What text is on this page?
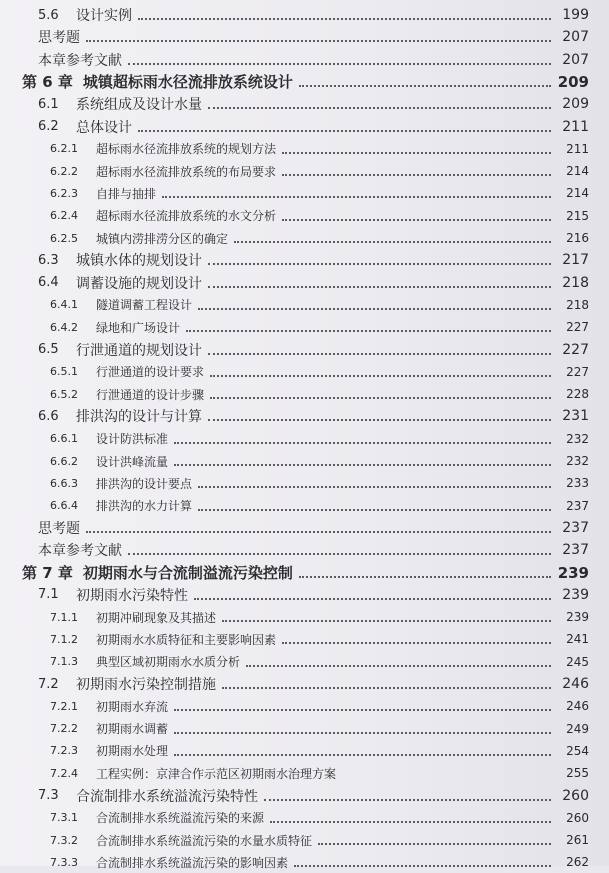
5.6	设计实例	199
思考题	207
本章参考文献	207
第 6 章 城镇超标雨水径流排放系统设计	209
6.1	系统组成及设计水量	209
6.2	总体设计	211
6.2.1	超标雨水径流排放系统的规划方法	211
6.2.2	超标雨水径流排放系统的布局要求	214
6.2.3	自排与抽排	214
6.2.4	超标雨水径流排放系统的水文分析	215
6.2.5	城镇内涝排涝分区的确定	216
6.3	城镇水体的规划设计	217
6.4	调蓄设施的规划设计	218
6.4.1	隧道调蓄工程设计	218
6.4.2	绿地和广场设计	227
6.5	行泄通道的规划设计	227
6.5.1	行泄通道的设计要求	227
6.5.2	行泄通道的设计步骤	228
6.6	排洪沟的设计与计算	231
6.6.1	设计防洪标准	232
6.6.2	设计洪峰流量	232
6.6.3	排洪沟的设计要点	233
6.6.4	排洪沟的水力计算	237
思考题	237
本章参考文献	237
第 7 章 初期雨水与合流制溢流污染控制	239
7.1	初期雨水污染特性	239
7.1.1	初期冲刷现象及其描述	239
7.1.2	初期雨水水质特征和主要影响因素	241
7.1.3	典型区域初期雨水水质分析	245
7.2	初期雨水污染控制措施	246
7.2.1	初期雨水弃流	246
7.2.2	初期雨水调蓄	249
7.2.3	初期雨水处理	254
7.2.4	工程实例：京津合作示范区初期雨水治理方案	255
7.3	合流制排水系统溢流污染特性	260
7.3.1	合流制排水系统溢流污染的来源	260
7.3.2	合流制排水系统溢流污染的水量水质特征	261
7.3.3	合流制排水系统溢流污染的影响因素	262
